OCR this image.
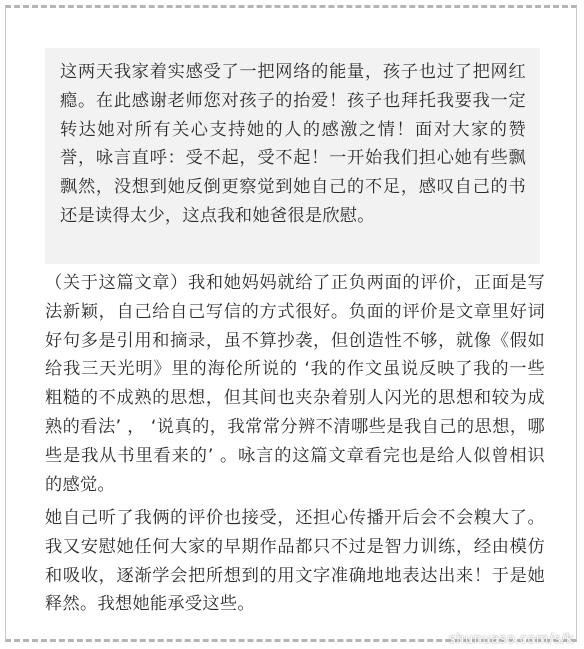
这两天我家着实感受了一把网络的能量，孩子也过了把网红瘾。在此感谢老师您对孩子的抬爱！孩子也拜托我要我一定转达她对所有关心支持她的人的感激之情！面对大家的赞誉，咏言直呼：受不起，受不起！一开始我们担心她有些飘飘然，没想到她反倒更察觉到她自己的不足，感叹自己的书还是读得太少，这点我和她爸很是欣慰。

（关于这篇文章）我和她妈妈就给了正负两面的评价，正面是写法新颖，自己给自己写信的方式很好。负面的评价是文章里好词好句多是引用和摘录，虽不算抄袭，但创造性不够，就像《假如给我三天光明》里的海伦所说的 ‘我的作文虽说反映了我的一些粗糙的不成熟的思想，但其间也夹杂着别人闪光的思想和较为成熟的看法’ ， ‘说真的，我常常分辨不清哪些是我自己的思想，哪些是我从书里看来的’ 。咏言的这篇文章看完也是给人似曾相识的感觉。

她自己听了我俩的评价也接受，还担心传播开后会不会糗大了。我又安慰她任何大家的早期作品都只不过是智力训练，经由模仿和吸收，逐渐学会把所想到的用文字准确地地表达出来！于是她释然。我想她能承受这些。

shunuaso.com/s/k
